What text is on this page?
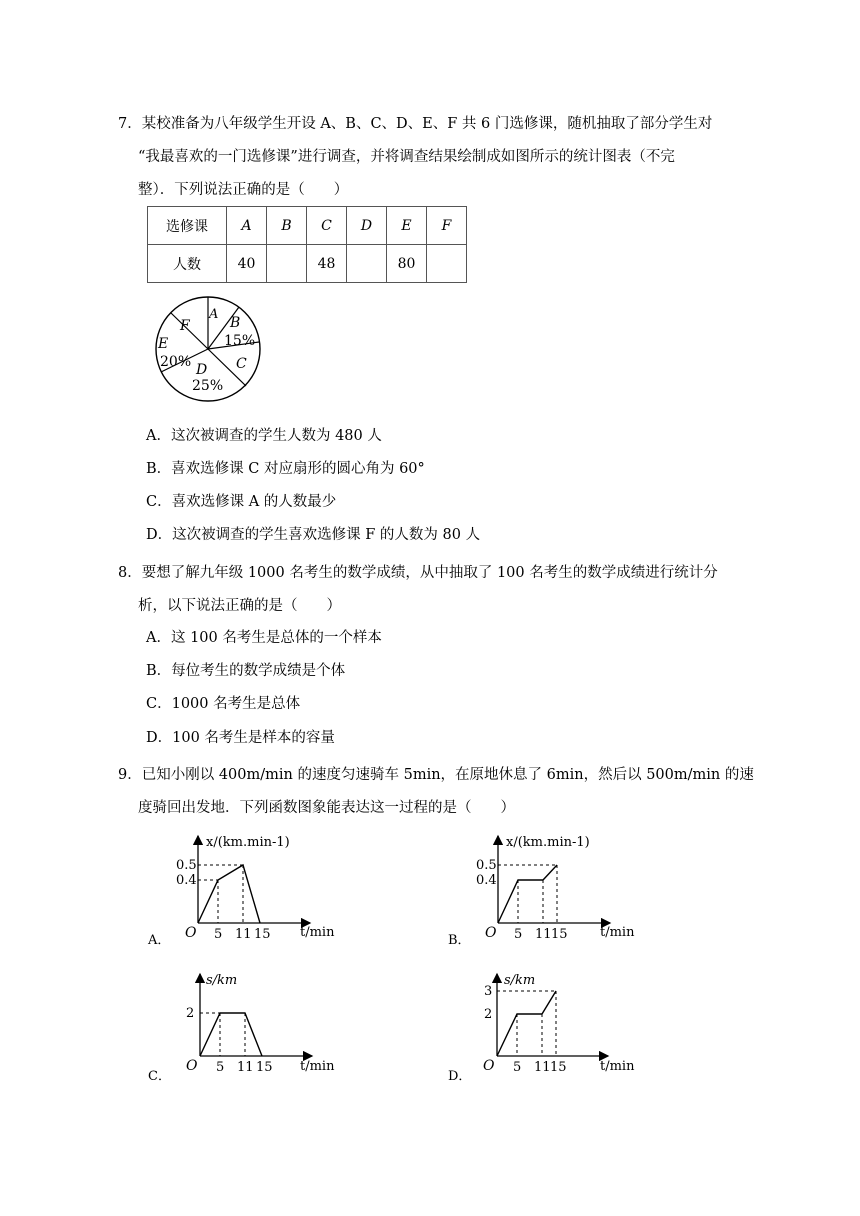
7．某校准备为八年级学生开设 A、B、C、D、E、F 共 6 门选修课，随机抽取了部分学生对
“我最喜欢的一门选修课”进行调查，并将调查结果绘制成如图所示的统计图表（不完
整）．下列说法正确的是（　　）
选修课	A	B	C	D	E	F
人数	40		48		80	
A
B
15%
C
D
25%
E
20%
F
A．这次被调查的学生人数为 480 人
B．喜欢选修课 C 对应扇形的圆心角为 60°
C．喜欢选修课 A 的人数最少
D．这次被调查的学生喜欢选修课 F 的人数为 80 人
8．要想了解九年级 1000 名考生的数学成绩，从中抽取了 100 名考生的数学成绩进行统计分
析，以下说法正确的是（　　）
A．这 100 名考生是总体的一个样本
B．每位考生的数学成绩是个体
C．1000 名考生是总体
D．100 名考生是样本的容量
9．已知小刚以 400m/min 的速度匀速骑车 5min，在原地休息了 6min，然后以 500m/min 的速
度骑回出发地．下列函数图象能表达这一过程的是（　　）
x/(km.min-1)
0.5
0.4
O 5 11 15 t/min
A．
x/(km.min-1)
0.5
0.4
O 5 11 15 t/min
B．
s/km
2
O 5 11 15 t/min
C．
s/km
3
2
O 5 11 15	t/min
D．
